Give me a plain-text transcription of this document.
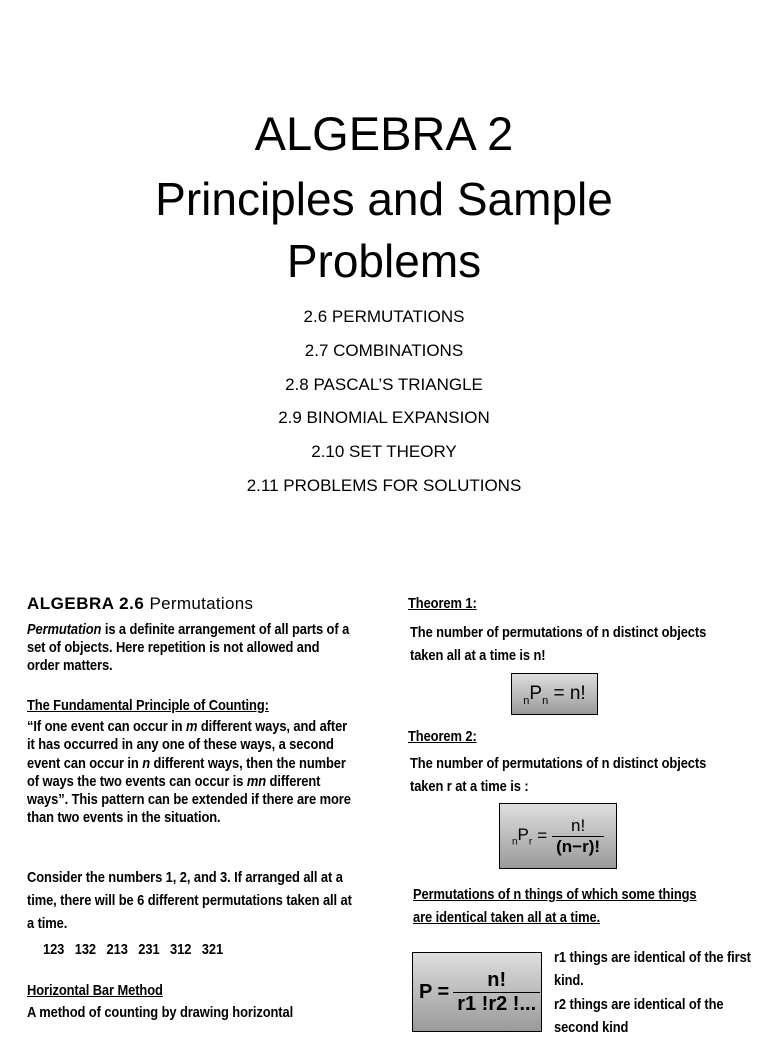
ALGEBRA 2
Principles and Sample Problems
2.6 PERMUTATIONS
2.7 COMBINATIONS
2.8 PASCAL’S TRIANGLE
2.9 BINOMIAL EXPANSION
2.10 SET THEORY
2.11 PROBLEMS FOR SOLUTIONS
ALGEBRA 2.6 Permutations
Permutation is a definite arrangement of all parts of a set of objects. Here repetition is not allowed and order matters.
The Fundamental Principle of Counting:
“If one event can occur in m different ways, and after it has occurred in any one of these ways, a second event can occur in n different ways, then the number of ways the two events can occur is mn different ways”. This pattern can be extended if there are more than two events in the situation.
Consider the numbers 1, 2, and 3. If arranged all at a time, there will be 6 different permutations taken all at a time.
123   132   213   231   312   321
Horizontal Bar Method
A method of counting by drawing horizontal
Theorem 1:
The number of permutations of n distinct objects taken all at a time is n!
$_nP_n = n$!
Theorem 2:
The number of permutations of n distinct objects taken r at a time is :
$_nP_r = \frac{n!}{(n-r)!}$
Permutations of n things of which some things are identical taken all at a time.
$P = \frac{n!}{r1 !r2 !...}$
r1 things are identical of the first kind.
r2 things are identical of the second kind
